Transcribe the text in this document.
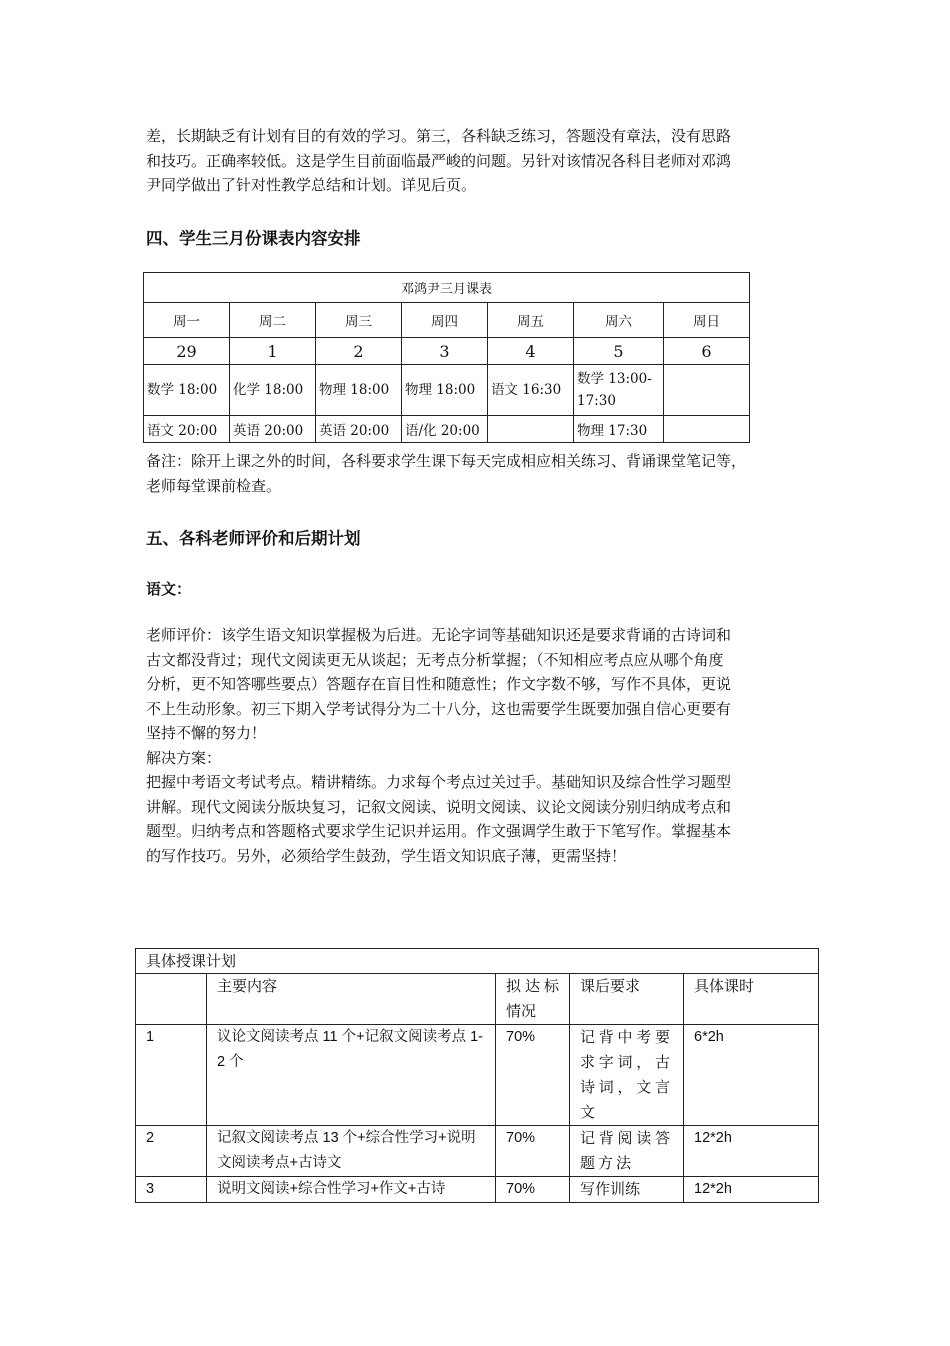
差，长期缺乏有计划有目的有效的学习。第三，各科缺乏练习，答题没有章法，没有思路
和技巧。正确率较低。这是学生目前面临最严峻的问题。另针对该情况各科目老师对邓鸿
尹同学做出了针对性教学总结和计划。详见后页。
四、学生三月份课表内容安排
邓鸿尹三月课表						
周一	周二	周三	周四	周五	周六	周日
29	1	2	3	4	5	6
数学 18:00	化学 18:00	物理 18:00	物理 18:00	语文 16:30	数学 13:00-17:30	
语文 20:00	英语 20:00	英语 20:00	语/化 20:00		物理 17:30	
备注：除开上课之外的时间，各科要求学生课下每天完成相应相关练习、背诵课堂笔记等，
老师每堂课前检查。
五、各科老师评价和后期计划
语文：
老师评价：该学生语文知识掌握极为后进。无论字词等基础知识还是要求背诵的古诗词和
古文都没背过；现代文阅读更无从谈起；无考点分析掌握；（不知相应考点应从哪个角度
分析，更不知答哪些要点）答题存在盲目性和随意性；作文字数不够，写作不具体，更说
不上生动形象。初三下期入学考试得分为二十八分，这也需要学生既要加强自信心更要有
坚持不懈的努力！
解决方案：
把握中考语文考试考点。精讲精练。力求每个考点过关过手。基础知识及综合性学习题型
讲解。现代文阅读分版块复习，记叙文阅读、说明文阅读、议论文阅读分别归纳成考点和
题型。归纳考点和答题格式要求学生记识并运用。作文强调学生敢于下笔写作。掌握基本
的写作技巧。另外，必须给学生鼓劲，学生语文知识底子薄，更需坚持！
具体授课计划				
	主要内容	拟达标情况	课后要求	具体课时
1	议论文阅读考点 11 个+记叙文阅读考点 1-2 个	70%	记背中考要求字词，古诗词，文言文	6*2h
2	记叙文阅读考点 13 个+综合性学习+说明文阅读考点+古诗文	70%	记背阅读答题方法	12*2h
3	说明文阅读+综合性学习+作文+古诗	70%	写作训练	12*2h
